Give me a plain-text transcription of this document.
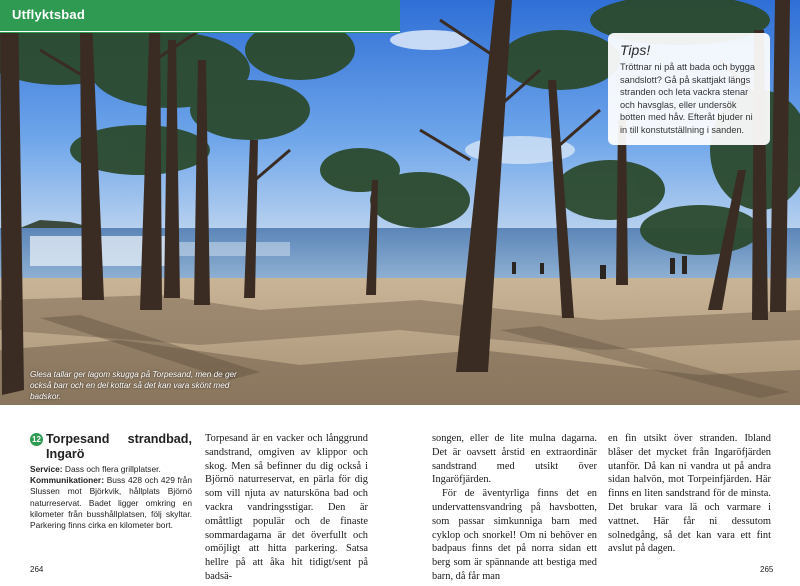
Utflyktsbad
Tips!
Tröttnar ni på att bada och bygga sandslott? Gå på skattjakt längs stranden och leta vackra stenar och havsglas, eller undersök botten med håv. Efteråt bjuder ni in till konstutställning i sanden.
Glesa tallar ger lagom skugga på Torpesand, men de ger också barr och en del kottar så det kan vara skönt med badskor.
12 Torpesand strandbad, Ingarö
Service: Dass och flera grillplatser.
Kommunikationer: Buss 428 och 429 från Slussen mot Björkvik, hållplats Björnö naturreservat. Badet ligger omkring en kilometer från busshållplatsen, följ skyltar. Parkering finns cirka en kilometer bort.

Torpesand är en vacker och långgrund sandstrand, omgiven av klippor och skog. Men så befinner du dig också i Björnö naturreservat, en pärla för dig som vill njuta av natursköna bad och vackra vandringsstigar. Den är omåttligt populär och de finaste sommardagarna är det överfullt och omöjligt att hitta parkering. Satsa hellre på att åka hit tidigt/sent på badsä-

songen, eller de lite mulna dagarna. Det är oavsett årstid en extraordinär sandstrand med utsikt över Ingaröfjärden.

För de äventyrliga finns det en undervattensvandring på havsbotten, som passar simkunniga barn med cyklop och snorkel! Om ni behöver en badpaus finns det på norra sidan ett berg som är spännande att bestiga med barn, då får man

en fin utsikt över stranden. Ibland blåser det mycket från Ingaröfjärden utanför. Då kan ni vandra ut på andra sidan halvön, mot Torpeinfjärden. Här finns en liten sandstrand för de minsta. Det brukar vara lä och varmare i vattnet. Här får ni dessutom solnedgång, så det kan vara ett fint avslut på dagen.

264	265
